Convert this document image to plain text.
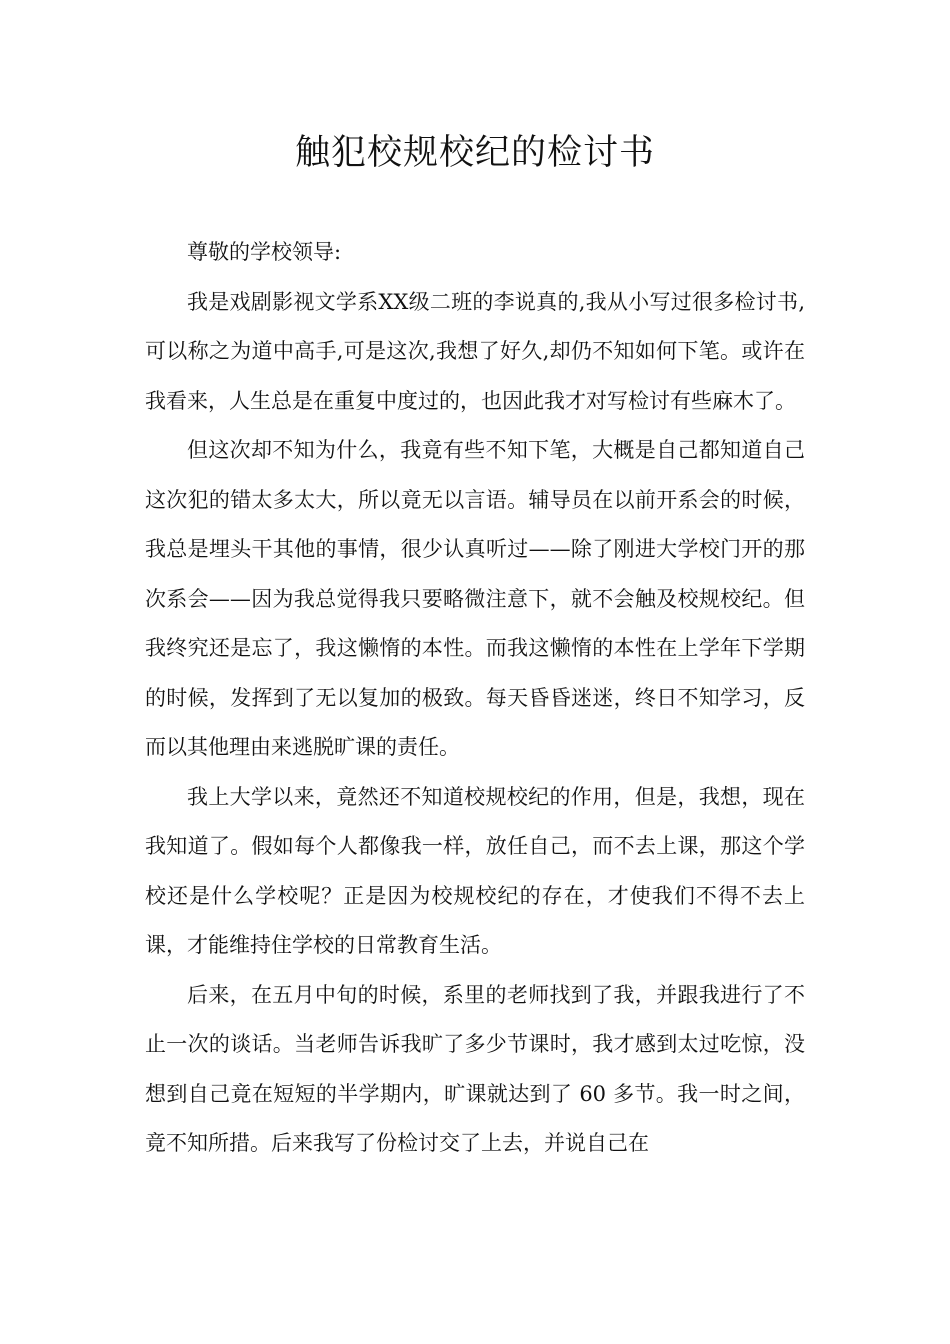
触犯校规校纪的检讨书

尊敬的学校领导:

我是戏剧影视文学系XX级二班的李说真的,我从小写过很多检讨书,可以称之为道中高手,可是这次,我想了好久,却仍不知如何下笔。或许在我看来，人生总是在重复中度过的，也因此我才对写检讨有些麻木了。

但这次却不知为什么，我竟有些不知下笔，大概是自己都知道自己这次犯的错太多太大，所以竟无以言语。辅导员在以前开系会的时候，我总是埋头干其他的事情，很少认真听过——除了刚进大学校门开的那次系会——因为我总觉得我只要略微注意下，就不会触及校规校纪。但我终究还是忘了，我这懒惰的本性。而我这懒惰的本性在上学年下学期的时候，发挥到了无以复加的极致。每天昏昏迷迷，终日不知学习，反而以其他理由来逃脱旷课的责任。

我上大学以来，竟然还不知道校规校纪的作用，但是，我想，现在我知道了。假如每个人都像我一样，放任自己，而不去上课，那这个学校还是什么学校呢？正是因为校规校纪的存在，才使我们不得不去上课，才能维持住学校的日常教育生活。

后来，在五月中旬的时候，系里的老师找到了我，并跟我进行了不止一次的谈话。当老师告诉我旷了多少节课时，我才感到太过吃惊，没想到自己竟在短短的半学期内，旷课就达到了 60 多节。我一时之间，竟不知所措。后来我写了份检讨交了上去，并说自己在
